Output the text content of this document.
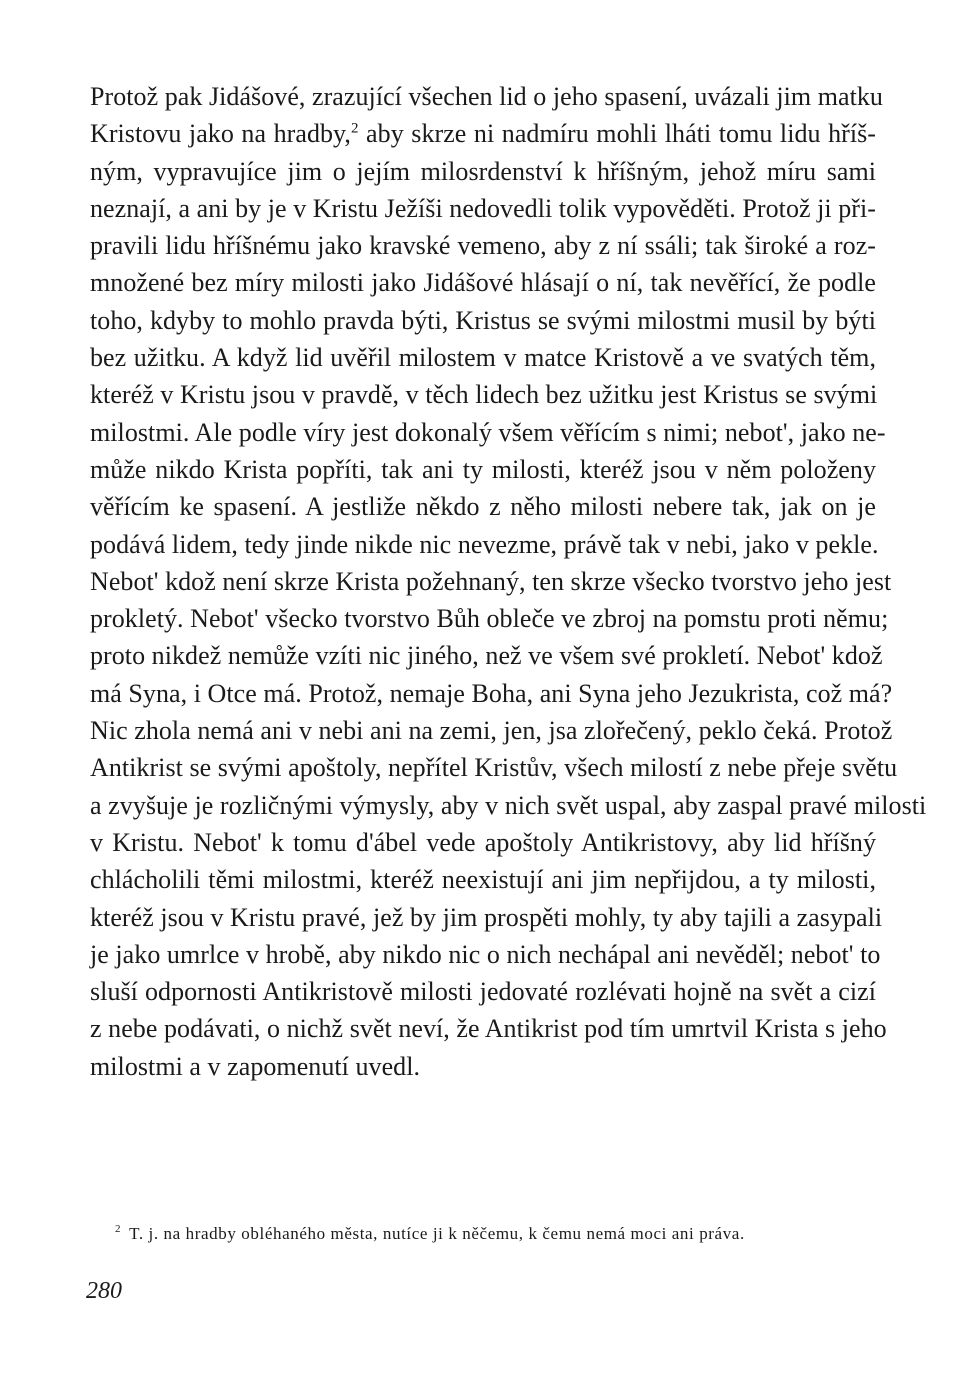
Protož pak Jidášové, zrazující všechen lid o jeho spasení, uvázali jim matku
Kristovu jako na hradby,$^2$ aby skrze ni nadmíru mohli lháti tomu lidu hříš-
ným, vypravujíce jim o jejím milosrdenství k hříšným, jehož míru sami
neznají, a ani by je v Kristu Ježíši nedovedli tolik vypověděti. Protož ji při-
pravili lidu hříšnému jako kravské vemeno, aby z ní ssáli; tak široké a roz-
množené bez míry milosti jako Jidášové hlásají o ní, tak nevěřící, že podle
toho, kdyby to mohlo pravda býti, Kristus se svými milostmi musil by býti
bez užitku. A když lid uvěřil milostem v matce Kristově a ve svatých těm,
kteréž v Kristu jsou v pravdě, v těch lidech bez užitku jest Kristus se svými
milostmi. Ale podle víry jest dokonalý všem věřícím s nimi; nebot', jako ne-
může nikdo Krista popříti, tak ani ty milosti, kteréž jsou v něm položeny
věřícím ke spasení. A jestliže někdo z něho milosti nebere tak, jak on je
podává lidem, tedy jinde nikde nic nevezme, právě tak v nebi, jako v pekle.
Nebot' kdož není skrze Krista požehnaný, ten skrze všecko tvorstvo jeho jest
prokletý. Nebot' všecko tvorstvo Bůh obleče ve zbroj na pomstu proti němu;
proto nikdež nemůže vzíti nic jiného, než ve všem své prokletí. Nebot' kdož
má Syna, i Otce má. Protož, nemaje Boha, ani Syna jeho Jezukrista, což má?
Nic zhola nemá ani v nebi ani na zemi, jen, jsa zlořečený, peklo čeká. Protož
Antikrist se svými apoštoly, nepřítel Kristův, všech milostí z nebe přeje světu
a zvyšuje je rozličnými výmysly, aby v nich svět uspal, aby zaspal pravé milosti
v Kristu. Nebot' k tomu d'ábel vede apoštoly Antikristovy, aby lid hříšný
chlácholili těmi milostmi, kteréž neexistují ani jim nepřijdou, a ty milosti,
kteréž jsou v Kristu pravé, jež by jim prospěti mohly, ty aby tajili a zasypali
je jako umrlce v hrobě, aby nikdo nic o nich nechápal ani nevěděl; nebot' to
sluší odpornosti Antikristově milosti jedovaté rozlévati hojně na svět a cizí
z nebe podávati, o nichž svět neví, že Antikrist pod tím umrtvil Krista s jeho
milostmi a v zapomenutí uvedl.
$^2$ T. j. na hradby obléhaného města, nutíce ji k něčemu, k čemu nemá moci ani práva.
280
